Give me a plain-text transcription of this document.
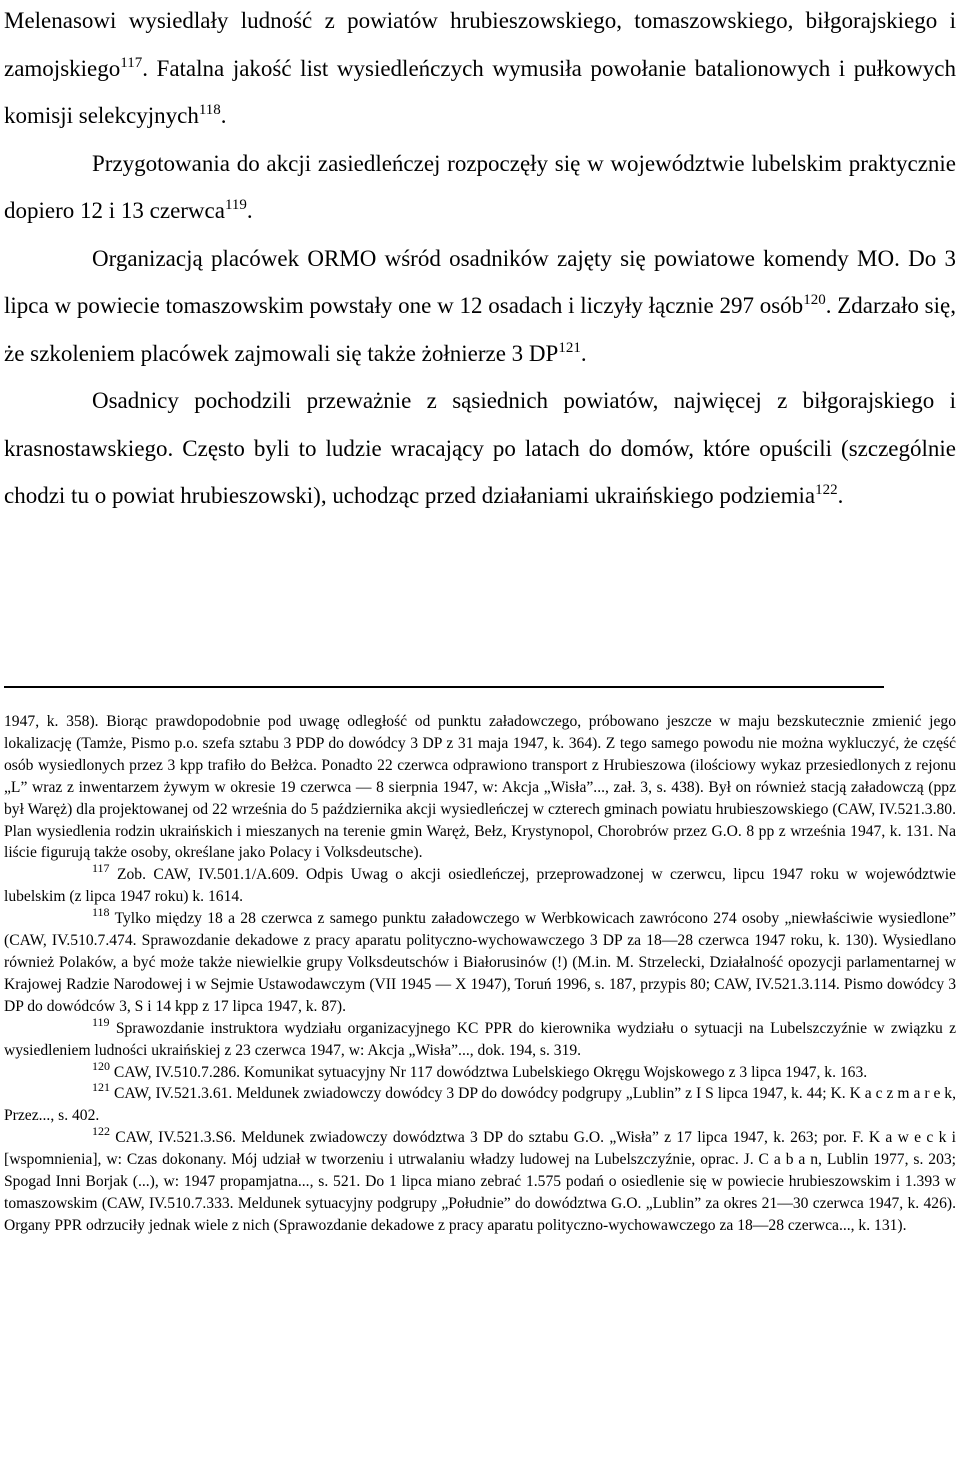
Melenasowi wysiedlały ludność z powiatów hrubieszowskiego, tomaszowskiego, biłgorajskiego i zamojskiego$^{117}$. Fatalna jakość list wysiedleńczych wymusiła powołanie batalionowych i pułkowych komisji selekcyjnych$^{118}$.

Przygotowania do akcji zasiedleńczej rozpoczęły się w województwie lubelskim praktycznie dopiero 12 i 13 czerwca$^{119}$.

Organizacją placówek ORMO wśród osadników zajęty się powiatowe komendy MO. Do 3 lipca w powiecie tomaszowskim powstały one w 12 osadach i liczyły łącznie 297 osób$^{120}$. Zdarzało się, że szkoleniem placówek zajmowali się także żołnierze 3 DP$^{121}$.

Osadnicy pochodzili przeważnie z sąsiednich powiatów, najwięcej z biłgorajskiego i krasnostawskiego. Często byli to ludzie wracający po latach do domów, które opuścili (szczególnie chodzi tu o powiat hrubieszowski), uchodząc przed działaniami ukraińskiego podziemia$^{122}$.

1947, k. 358). Biorąc prawdopodobnie pod uwagę odległość od punktu załadowczego, próbowano jeszcze w maju bezskutecznie zmienić jego lokalizację (Tamże, Pismo p.o. szefa sztabu 3 PDP do dowódcy 3 DP z 31 maja 1947, k. 364). Z tego samego powodu nie można wykluczyć, że część osób wysiedlonych przez 3 kpp trafiło do Bełżca. Ponadto 22 czerwca odprawiono transport z Hrubieszowa (ilościowy wykaz przesiedlonych z rejonu „L” wraz z inwentarzem żywym w okresie 19 czerwca — 8 sierpnia 1947, w: Akcja „Wisła”..., zał. 3, s. 438). Był on również stacją załadowczą (ppz był Waręż) dla projektowanej od 22 września do 5 października akcji wysiedleńczej w czterech gminach powiatu hrubieszowskiego (CAW, IV.521.3.80. Plan wysiedlenia rodzin ukraińskich i mieszanych na terenie gmin Waręż, Bełz, Krystynopol, Chorobrów przez G.O. 8 pp z września 1947, k. 131. Na liście figurują także osoby, określane jako Polacy i Volksdeutsche).

$^{117}$ Zob. CAW, IV.501.1/A.609. Odpis Uwag o akcji osiedleńczej, przeprowadzonej w czerwcu, lipcu 1947 roku w województwie lubelskim (z lipca 1947 roku) k. 1614.

$^{118}$ Tylko między 18 a 28 czerwca z samego punktu załadowczego w Werbkowicach zawrócono 274 osoby „niewłaściwie wysiedlone” (CAW, IV.510.7.474. Sprawozdanie dekadowe z pracy aparatu polityczno-wychowawczego 3 DP za 18—28 czerwca 1947 roku, k. 130). Wysiedlano również Polaków, a być może także niewielkie grupy Volksdeutschów i Białorusinów (!) (M.in. M. Strzelecki, Działalność opozycji parlamentarnej w Krajowej Radzie Narodowej i w Sejmie Ustawodawczym (VII 1945 — X 1947), Toruń 1996, s. 187, przypis 80; CAW, IV.521.3.114. Pismo dowódcy 3 DP do dowódców 3, S i 14 kpp z 17 lipca 1947, k. 87).

$^{119}$ Sprawozdanie instruktora wydziału organizacyjnego KC PPR do kierownika wydziału o sytuacji na Lubelszczyźnie w związku z wysiedleniem ludności ukraińskiej z 23 czerwca 1947, w: Akcja „Wisła”..., dok. 194, s. 319.

$^{120}$ CAW, IV.510.7.286. Komunikat sytuacyjny Nr 117 dowództwa Lubelskiego Okręgu Wojskowego z 3 lipca 1947, k. 163.

$^{121}$ CAW, IV.521.3.61. Meldunek zwiadowczy dowódcy 3 DP do dowódcy podgrupy „Lublin” z I S lipca 1947, k. 44; K. K a c z m a r e k, Przez..., s. 402.

$^{122}$ CAW, IV.521.3.S6. Meldunek zwiadowczy dowództwa 3 DP do sztabu G.O. „Wisła” z 17 lipca 1947, k. 263; por. F. K a w e c k i [wspomnienia], w: Czas dokonany. Mój udział w tworzeniu i utrwalaniu władzy ludowej na Lubelszczyźnie, oprac. J. C a b a n, Lublin 1977, s. 203; Spogad Inni Borjak (...), w: 1947 propamjatna..., s. 521. Do 1 lipca miano zebrać 1.575 podań o osiedlenie się w powiecie hrubieszowskim i 1.393 w tomaszowskim (CAW, IV.510.7.333. Meldunek sytuacyjny podgrupy „Południe” do dowództwa G.O. „Lublin” za okres 21—30 czerwca 1947, k. 426). Organy PPR odrzuciły jednak wiele z nich (Sprawozdanie dekadowe z pracy aparatu polityczno-wychowawczego za 18—28 czerwca..., k. 131).
